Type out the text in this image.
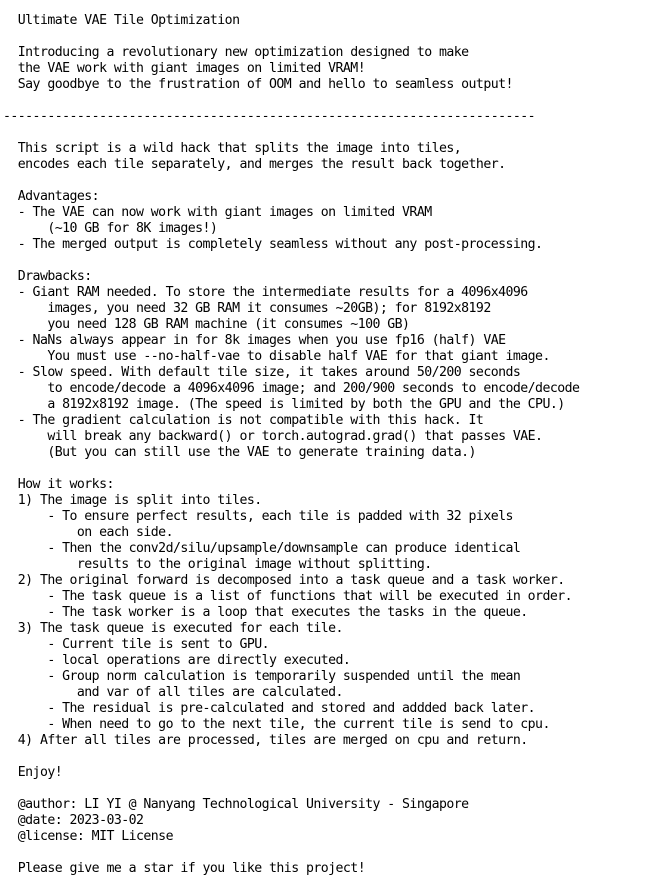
Ultimate VAE Tile Optimization
Introducing a revolutionary new optimization designed to make
the VAE work with giant images on limited VRAM!
Say goodbye to the frustration of OOM and hello to seamless output!
------------------------------------------------------------------------
This script is a wild hack that splits the image into tiles,
encodes each tile separately, and merges the result back together.
Advantages:
- The VAE can now work with giant images on limited VRAM
(~10 GB for 8K images!)
- The merged output is completely seamless without any post-processing.
Drawbacks:
- Giant RAM needed. To store the intermediate results for a 4096x4096
images, you need 32 GB RAM it consumes ~20GB); for 8192x8192
you need 128 GB RAM machine (it consumes ~100 GB)
- NaNs always appear in for 8k images when you use fp16 (half) VAE
You must use --no-half-vae to disable half VAE for that giant image.
- Slow speed. With default tile size, it takes around 50/200 seconds
to encode/decode a 4096x4096 image; and 200/900 seconds to encode/decode
a 8192x8192 image. (The speed is limited by both the GPU and the CPU.)
- The gradient calculation is not compatible with this hack. It
will break any backward() or torch.autograd.grad() that passes VAE.
(But you can still use the VAE to generate training data.)
How it works:
1) The image is split into tiles.
- To ensure perfect results, each tile is padded with 32 pixels
on each side.
- Then the conv2d/silu/upsample/downsample can produce identical
results to the original image without splitting.
2) The original forward is decomposed into a task queue and a task worker.
- The task queue is a list of functions that will be executed in order.
- The task worker is a loop that executes the tasks in the queue.
3) The task queue is executed for each tile.
- Current tile is sent to GPU.
- local operations are directly executed.
- Group norm calculation is temporarily suspended until the mean
and var of all tiles are calculated.
- The residual is pre-calculated and stored and addded back later.
- When need to go to the next tile, the current tile is send to cpu.
4) After all tiles are processed, tiles are merged on cpu and return.
Enjoy!
@author: LI YI @ Nanyang Technological University - Singapore
@date: 2023-03-02
@license: MIT License
Please give me a star if you like this project!
